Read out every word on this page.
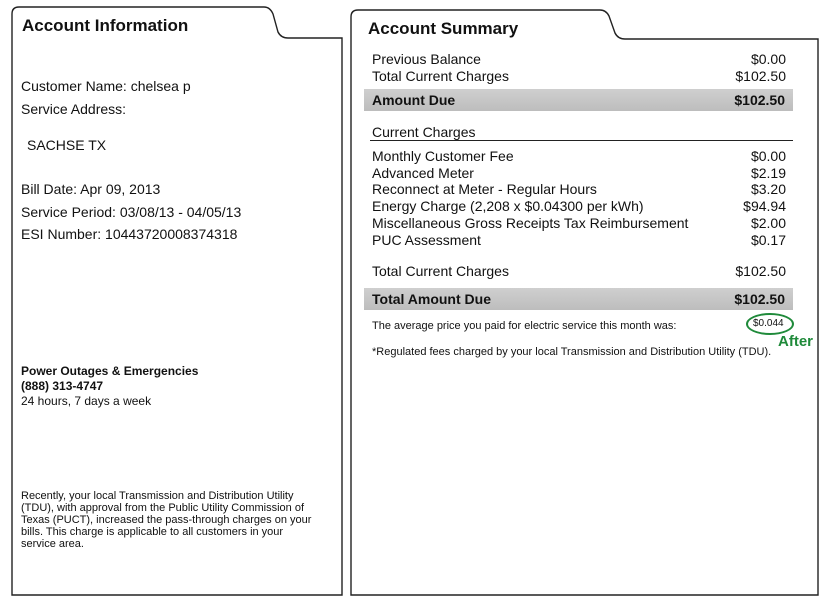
Account Information
Customer Name: chelsea p
Service Address:
SACHSE TX
Bill Date: Apr 09, 2013
Service Period: 03/08/13 - 04/05/13
ESI Number: 10443720008374318
Power Outages & Emergencies
(888) 313-4747
24 hours, 7 days a week
Recently, your local Transmission and Distribution Utility
(TDU), with approval from the Public Utility Commission of
Texas (PUCT), increased the pass-through charges on your
bills. This charge is applicable to all customers in your
service area.
Account Summary
Previous Balance	$0.00
Total Current Charges	$102.50
Amount Due	$102.50
Current Charges
Monthly Customer Fee	$0.00
Advanced Meter	$2.19
Reconnect at Meter - Regular Hours	$3.20
Energy Charge (2,208 x $0.04300 per kWh)	$94.94
Miscellaneous Gross Receipts Tax Reimbursement	$2.00
PUC Assessment	$0.17
Total Current Charges	$102.50
Total Amount Due	$102.50
The average price you paid for electric service this month was:	$0.044
After
*Regulated fees charged by your local Transmission and Distribution Utility (TDU).
